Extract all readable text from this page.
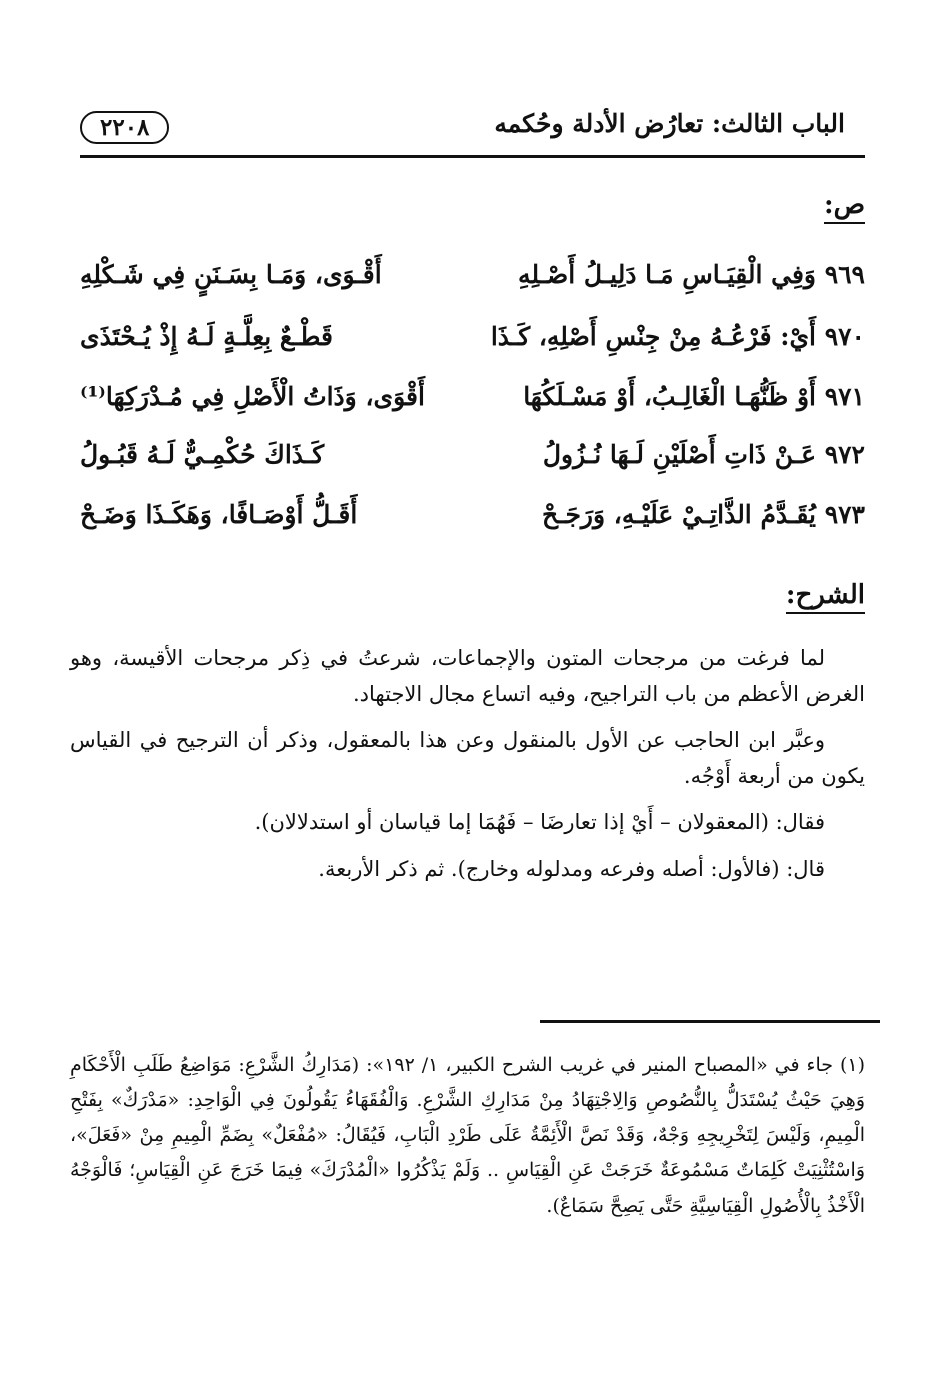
الباب الثالث: تعارُض الأدلة وحُكمه
٢٢٠٨
ص:
٩٦٩ وَفِي الْقِيَـاسِ مَـا دَلِيـلُ أَصْـلِهِ
أَقْـوَى، وَمَـا بِسَـنَنٍ فِي شَـكْلِهِ
٩٧٠ أَيْ: فَرْعُـهُ مِنْ جِنْسِ أَصْلِهِ، كَـذَا
قَطْـعٌ بِعِلَّـةٍ لَـهُ إِذْ يُـحْتَذَى
٩٧١ أَوْ ظَنُّهَـا الْغَالِـبُ، أَوْ مَسْـلَكُهَا
أَقْوَى، وَذَاتُ الْأَصْلِ فِي مُـدْرَكِهَا⁽¹⁾
٩٧٢ عَـنْ ذَاتِ أَصْلَيْنِ لَـهَا نُـزُولُ
كَـذَاكَ حُكْمِـيٌّ لَـهُ قَبُـولُ
٩٧٣ يُقَـدَّمُ الذَّاتِـيْ عَلَيْـهِ، وَرَجَـحْ
أَقَـلُّ أَوْصَـافًا، وَهَكَـذَا وَضَـحْ
الشرح:

لما فرغت من مرجحات المتون والإجماعات، شرعتُ في ذِكر مرجحات الأقيسة، وهو الغرض الأعظم من باب التراجيح، وفيه اتساع مجال الاجتهاد.

وعبَّر ابن الحاجب عن الأول بالمنقول وعن هذا بالمعقول، وذكر أن الترجيح في القياس يكون من أربعة أَوْجُه.

فقال: (المعقولان – أَيْ إذا تعارضَا – فَهُمَا إما قياسان أو استدلالان).

قال: (فالأول: أصله وفرعه ومدلوله وخارج). ثم ذكر الأربعة.

(١) جاء في «المصباح المنير في غريب الشرح الكبير، ١/ ١٩٢»: (مَدَارِكُ الشَّرْعِ: مَوَاضِعُ طَلَبِ الْأَحْكَامِ وَهِيَ حَيْثُ يُسْتَدَلُّ بِالنُّصُوصِ وَالِاجْتِهَادُ مِنْ مَدَارِكِ الشَّرْعِ. وَالْفُقَهَاءُ يَقُولُونَ فِي الْوَاحِدِ: «مَدْرَكٌ» بِفَتْحِ الْمِيمِ، وَلَيْسَ لِتَخْرِيجِهِ وَجْهٌ، وَقَدْ نَصَّ الْأَئِمَّةُ عَلَى طَرْدِ الْبَابِ، فَيُقَالُ: «مُفْعَلٌ» بِضَمِّ الْمِيمِ مِنْ «فَعَلَ»، وَاسْتُثْنِيَتْ كَلِمَاتٌ مَسْمُوعَةٌ خَرَجَتْ عَنِ الْقِيَاسِ .. وَلَمْ يَذْكُرُوا «الْمُدْرَكَ» فِيمَا خَرَجَ عَنِ الْقِيَاسِ؛ فَالْوَجْهُ الْأَخْذُ بِالْأُصُولِ الْقِيَاسِيَّةِ حَتَّى يَصِحَّ سَمَاعٌ).
